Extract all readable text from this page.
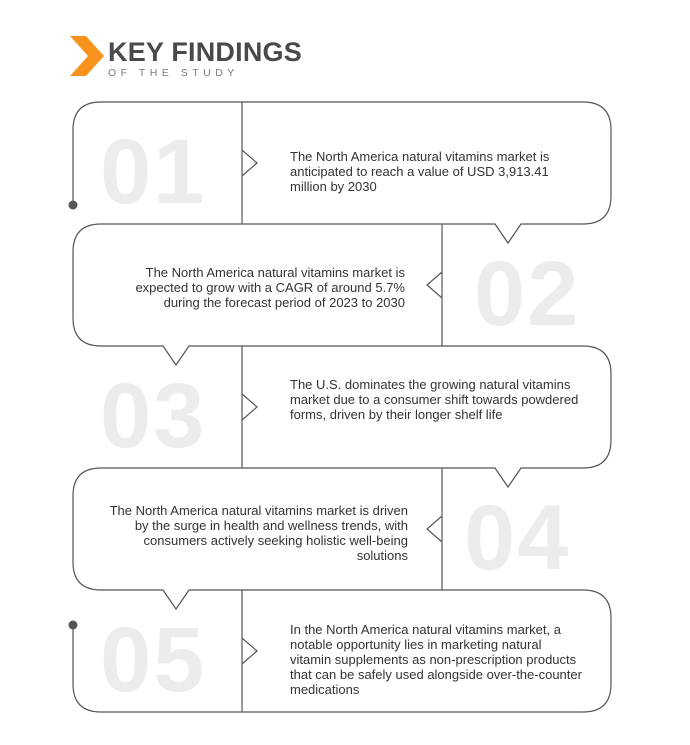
KEY FINDINGS
OF THE STUDY
01
02
03
04
05
The North America natural vitamins market is anticipated to reach a value of USD 3,913.41 million by 2030
The North America natural vitamins market is expected to grow with a CAGR of around 5.7% during the forecast period of 2023 to 2030
The U.S. dominates the growing natural vitamins market due to a consumer shift towards powdered forms, driven by their longer shelf life
The North America natural vitamins market is driven by the surge in health and wellness trends, with consumers actively seeking holistic well-being solutions
In the North America natural vitamins market, a notable opportunity lies in marketing natural vitamin supplements as non-prescription products that can be safely used alongside over-the-counter medications
